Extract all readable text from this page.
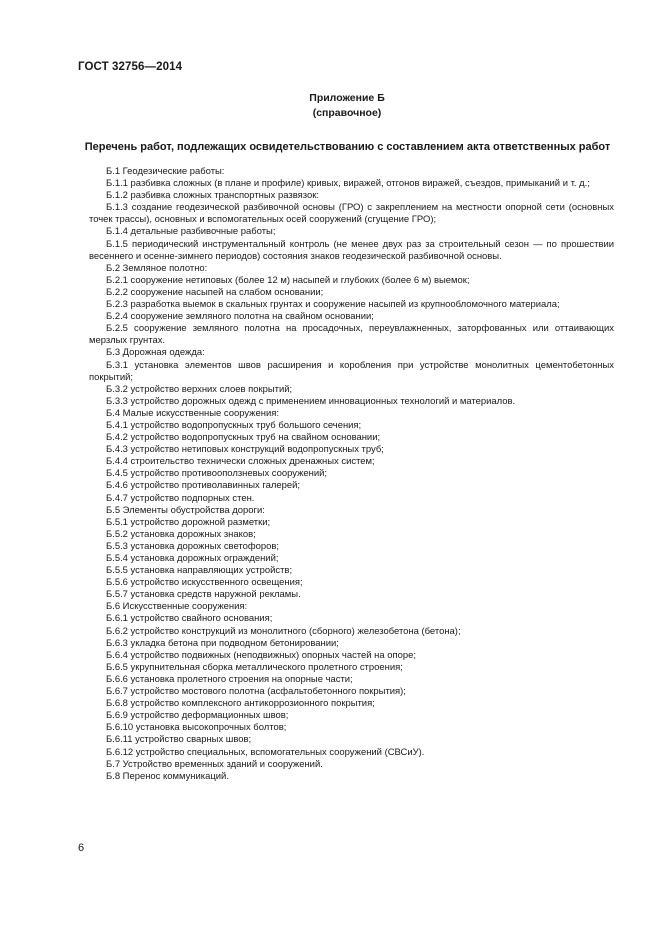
ГОСТ 32756—2014
Приложение Б
(справочное)
Перечень работ, подлежащих освидетельствованию с составлением акта ответственных работ

Б.1 Геодезические работы:

Б.1.1 разбивка сложных (в плане и профиле) кривых, виражей, отгонов виражей, съездов, примыканий и т. д.;

Б.1.2 разбивка сложных транспортных развязок:

Б.1.3 создание геодезической разбивочной основы (ГРО) с закреплением на местности опорной сети (основных точек трассы), основных и вспомогательных осей сооружений (сгущение ГРО);

Б.1.4 детальные разбивочные работы;

Б.1.5 периодический инструментальный контроль (не менее двух раз за строительный сезон — по прошествии весеннего и осенне-зимнего периодов) состояния знаков геодезической разбивочной основы.

Б.2 Земляное полотно:

Б.2.1 сооружение нетиповых (более 12 м) насыпей и глубоких (более 6 м) выемок;

Б.2.2 сооружение насыпей на слабом основании;

Б.2.3 разработка выемок в скальных грунтах и сооружение насыпей из крупнообломочного материала;

Б.2.4 сооружение земляного полотна на свайном основании;

Б.2.5 сооружение земляного полотна на просадочных, переувлажненных, заторфованных или оттаивающих мерзлых грунтах.

Б.3 Дорожная одежда:

Б.3.1 установка элементов швов расширения и коробления при устройстве монолитных цементобетонных покрытий;

Б.3.2 устройство верхних слоев покрытий;

Б.3.3 устройство дорожных одежд с применением инновационных технологий и материалов.

Б.4 Малые искусственные сооружения:

Б.4.1 устройство водопропускных труб большого сечения;

Б.4.2 устройство водопропускных труб на свайном основании;

Б.4.3 устройство нетиповых конструкций водопропускных труб;

Б.4.4 строительство технически сложных дренажных систем;

Б.4.5 устройство противооползневых сооружений;

Б.4.6 устройство противолавинных галерей;

Б.4.7 устройство подпорных стен.

Б.5 Элементы обустройства дороги:

Б.5.1 устройство дорожной разметки;

Б.5.2 установка дорожных знаков;

Б.5.3 установка дорожных светофоров;

Б.5.4 установка дорожных ограждений;

Б.5.5 установка направляющих устройств;

Б.5.6 устройство искусственного освещения;

Б.5.7 установка средств наружной рекламы.

Б.6 Искусственные сооружения:

Б.6.1 устройство свайного основания;

Б.6.2 устройство конструкций из монолитного (сборного) железобетона (бетона);

Б.6.3 укладка бетона при подводном бетонировании;

Б.6.4 устройство подвижных (неподвижных) опорных частей на опоре;

Б.6.5 укрупнительная сборка металлического пролетного строения;

Б.6.6 установка пролетного строения на опорные части;

Б.6.7 устройство мостового полотна (асфальтобетонного покрытия);

Б.6.8 устройство комплексного антикоррозионного покрытия;

Б.6.9 устройство деформационных швов;

Б.6.10 установка высокопрочных болтов;

Б.6.11 устройство сварных швов;

Б.6.12 устройство специальных, вспомогательных сооружений (СВСиУ).

Б.7 Устройство временных зданий и сооружений.

Б.8 Перенос коммуникаций.

6
